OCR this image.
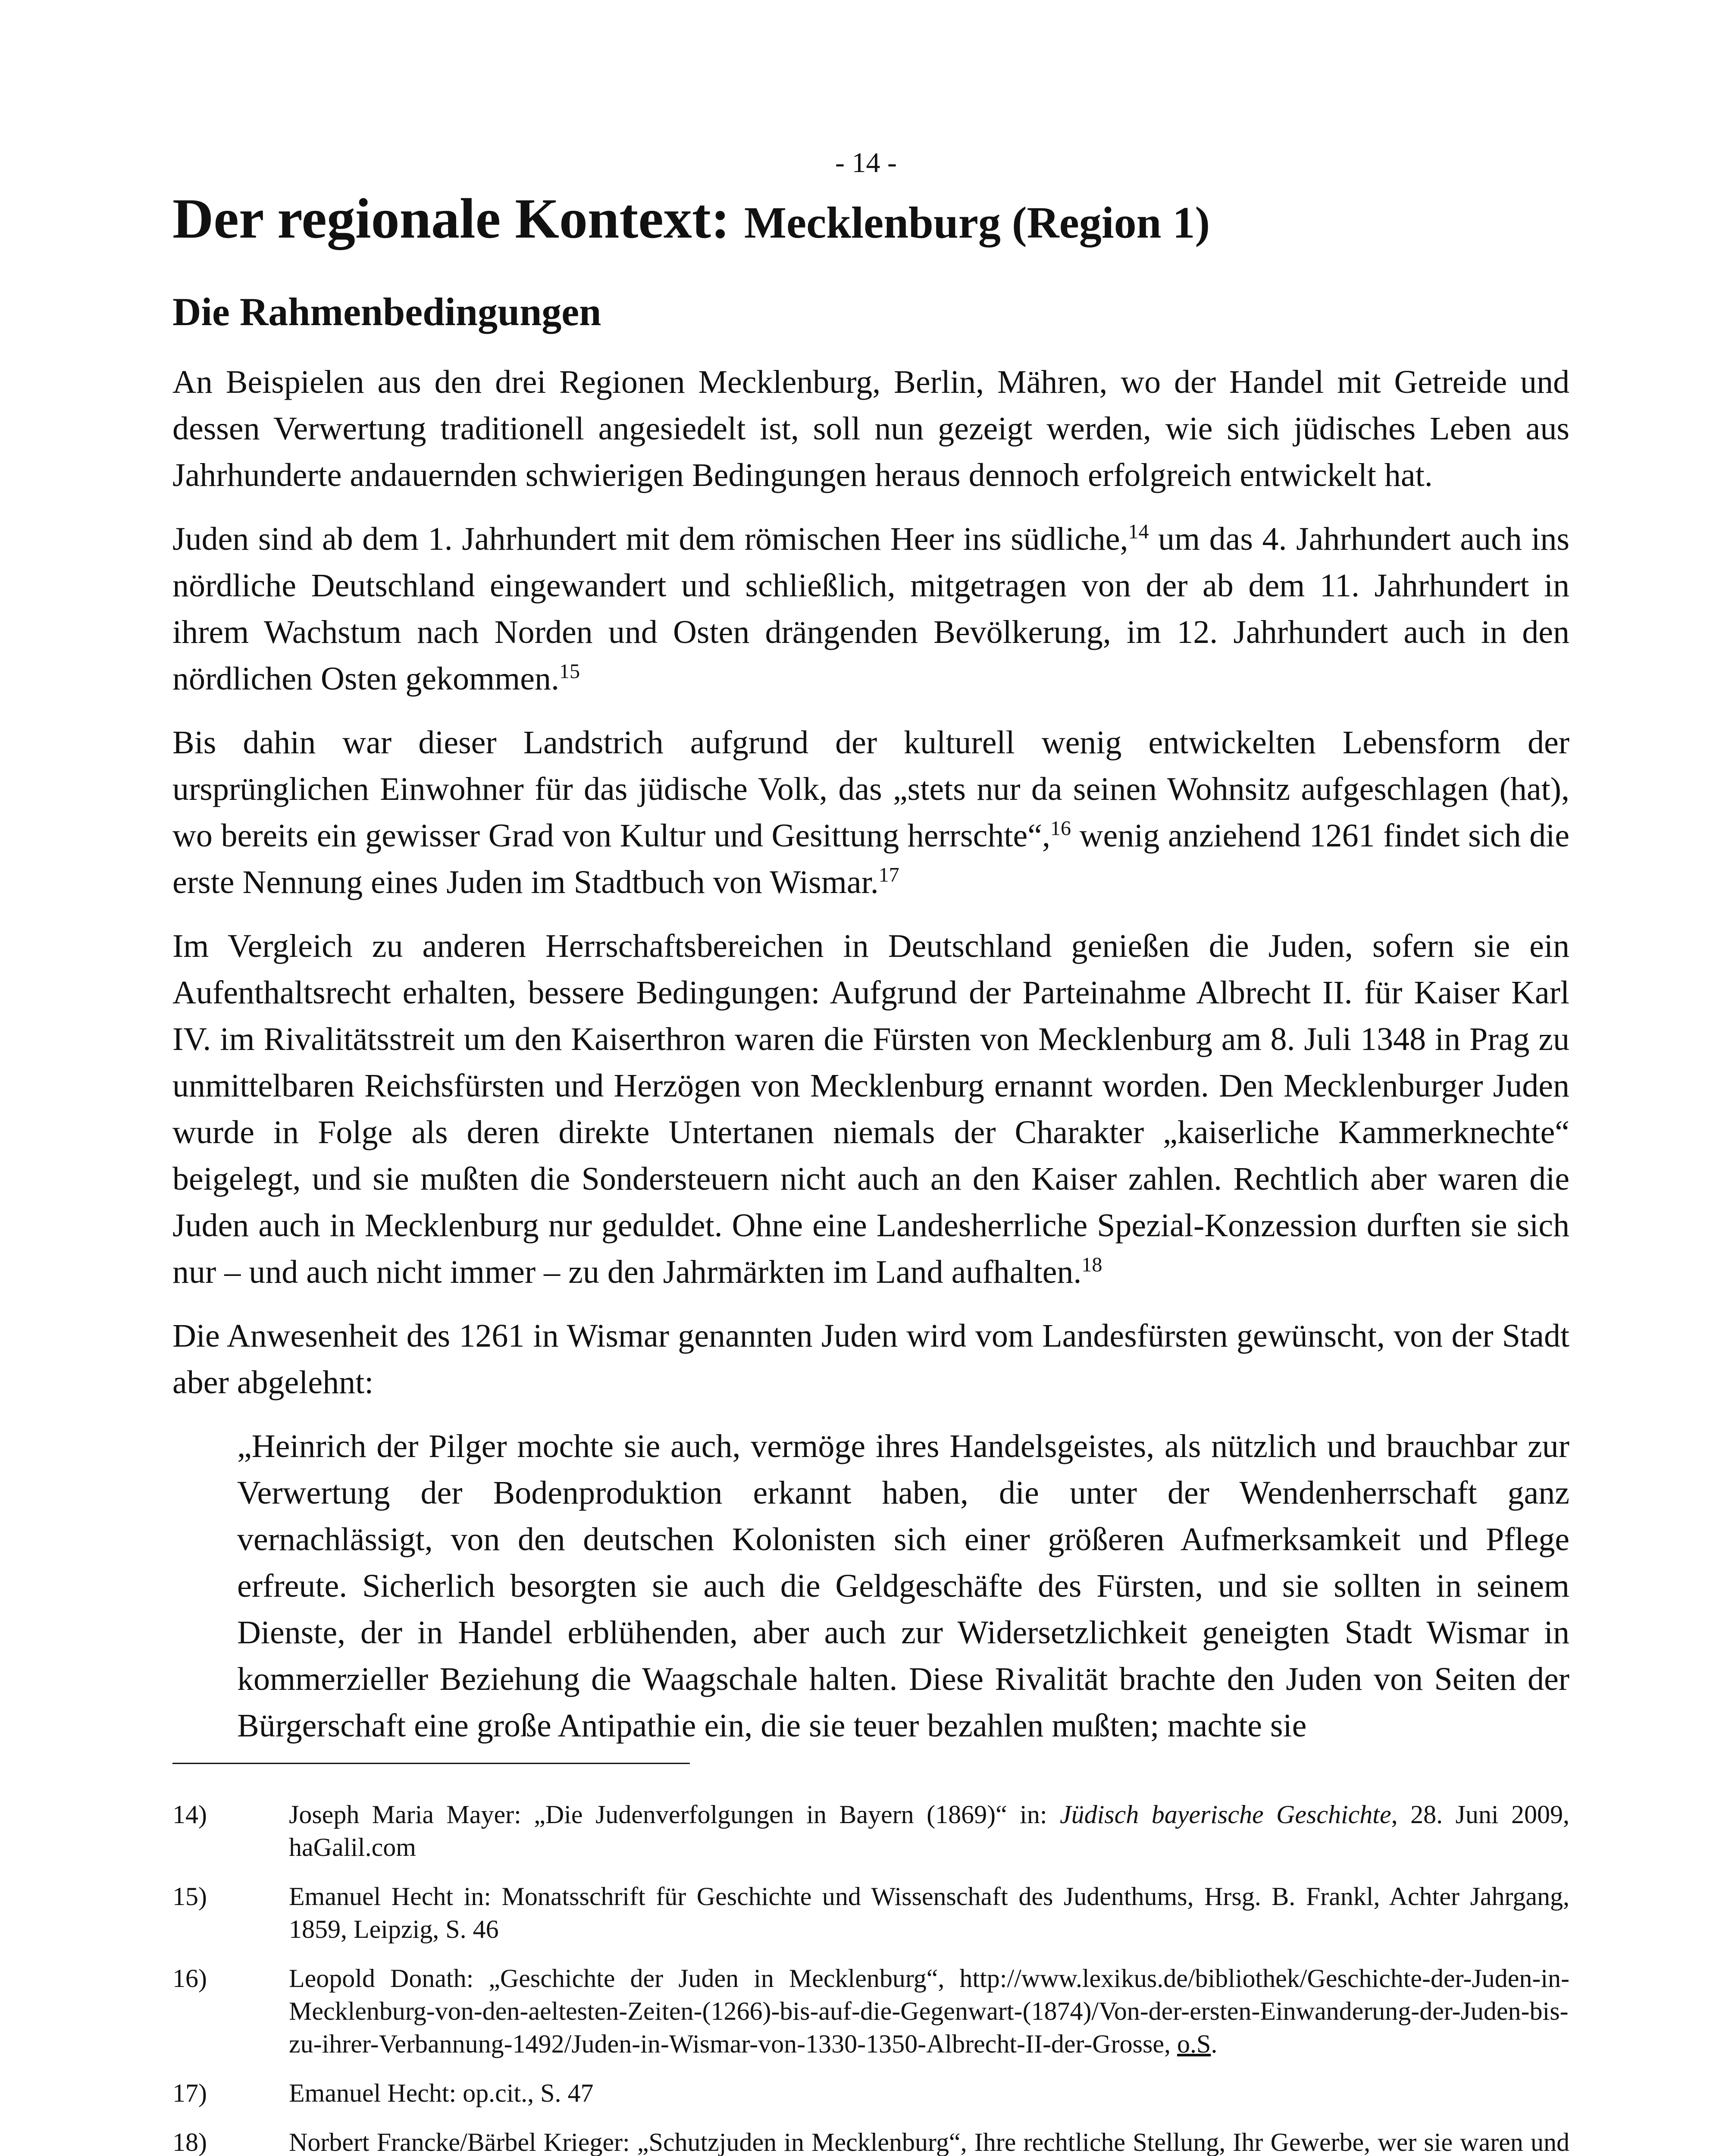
- 14 -
Der regionale Kontext: Mecklenburg (Region 1)
Die Rahmenbedingungen

An Beispielen aus den drei Regionen Mecklenburg, Berlin, Mähren, wo der Handel mit Getreide und dessen Verwertung traditionell angesiedelt ist, soll nun gezeigt werden, wie sich jüdisches Leben aus Jahrhunderte andauernden schwierigen Bedingungen heraus dennoch erfolgreich entwickelt hat.

Juden sind ab dem 1. Jahrhundert mit dem römischen Heer ins südliche,$^{14}$ um das 4. Jahrhundert auch ins nördliche Deutschland eingewandert und schließlich, mitgetragen von der ab dem 11. Jahrhundert in ihrem Wachstum nach Norden und Osten drängenden Bevölkerung, im 12. Jahrhundert auch in den nördlichen Osten gekommen.$^{15}$

Bis dahin war dieser Landstrich aufgrund der kulturell wenig entwickelten Lebensform der ursprünglichen Einwohner für das jüdische Volk, das „stets nur da seinen Wohnsitz aufgeschlagen (hat), wo bereits ein gewisser Grad von Kultur und Gesittung herrschte“,$^{16}$ wenig anziehend 1261 findet sich die erste Nennung eines Juden im Stadtbuch von Wismar.$^{17}$

Im Vergleich zu anderen Herrschaftsbereichen in Deutschland genießen die Juden, sofern sie ein Aufenthaltsrecht erhalten, bessere Bedingungen: Aufgrund der Parteinahme Albrecht II. für Kaiser Karl IV. im Rivalitätsstreit um den Kaiserthron waren die Fürsten von Mecklenburg am 8. Juli 1348 in Prag zu unmittelbaren Reichsfürsten und Herzögen von Mecklenburg ernannt worden. Den Mecklenburger Juden wurde in Folge als deren direkte Untertanen niemals der Charakter „kaiserliche Kammerknechte“ beigelegt, und sie mußten die Sondersteuern nicht auch an den Kaiser zahlen. Rechtlich aber waren die Juden auch in Mecklenburg nur geduldet. Ohne eine Landesherrliche Spezial-Konzession durften sie sich nur – und auch nicht immer – zu den Jahrmärkten im Land aufhalten.$^{18}$

Die Anwesenheit des 1261 in Wismar genannten Juden wird vom Landesfürsten gewünscht, von der Stadt aber abgelehnt:

„Heinrich der Pilger mochte sie auch, vermöge ihres Handelsgeistes, als nützlich und brauchbar zur Verwertung der Bodenproduktion erkannt haben, die unter der Wendenherrschaft ganz vernachlässigt, von den deutschen Kolonisten sich einer größeren Aufmerksamkeit und Pflege erfreute. Sicherlich besorgten sie auch die Geldgeschäfte des Fürsten, und sie sollten in seinem Dienste, der in Handel erblühenden, aber auch zur Widersetzlichkeit geneigten Stadt Wismar in kommerzieller Beziehung die Waagschale halten. Diese Rivalität brachte den Juden von Seiten der Bürgerschaft eine große Antipathie ein, die sie teuer bezahlen mußten; machte sie

14)	Joseph Maria Mayer: „Die Judenverfolgungen in Bayern (1869)“ in: Jüdisch bayerische Geschichte, 28. Juni 2009, haGalil.com
15)	Emanuel Hecht in: Monatsschrift für Geschichte und Wissenschaft des Judenthums, Hrsg. B. Frankl, Achter Jahrgang, 1859, Leipzig, S. 46
16)	Leopold Donath: „Geschichte der Juden in Mecklenburg“, http://www.lexikus.de/bibliothek/Geschichte-der-Juden-in-Mecklenburg-von-den-aeltesten-Zeiten-(1266)-bis-auf-die-Gegenwart-(1874)/Von-der-ersten-Einwanderung-der-Juden-bis-zu-ihrer-Verbannung-1492/Juden-in-Wismar-von-1330-1350-Albrecht-II-der-Grosse, o.S.
17)	Emanuel Hecht: op.cit., S. 47
18)	Norbert Francke/Bärbel Krieger: „Schutzjuden in Mecklenburg“, Ihre rechtliche Stellung, Ihr Gewerbe, wer sie waren und
